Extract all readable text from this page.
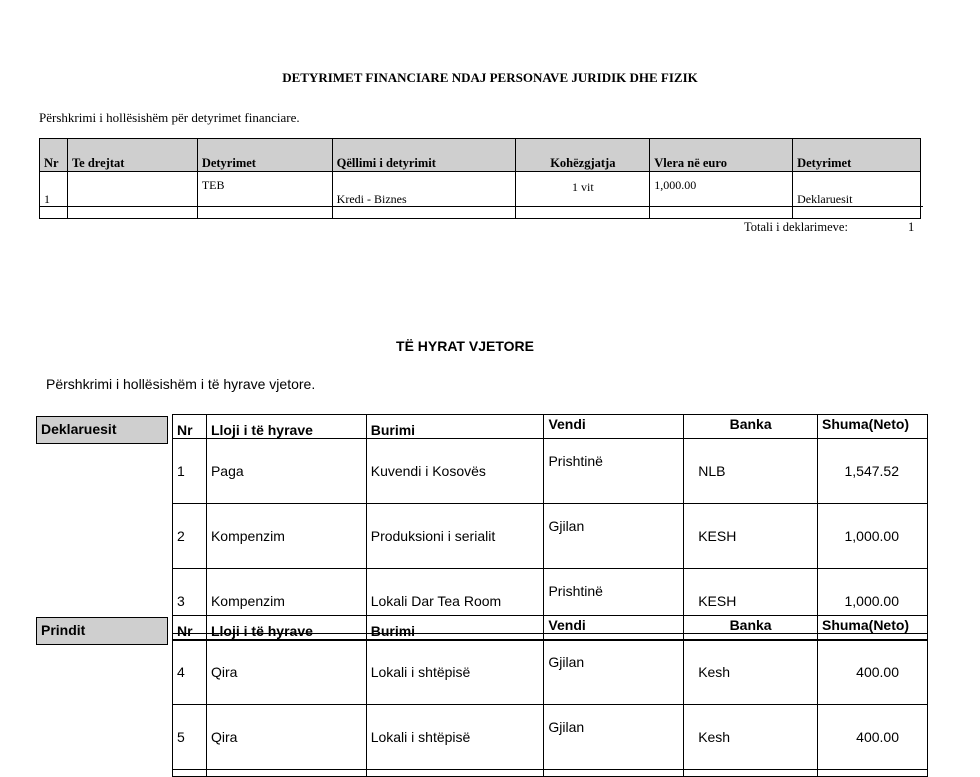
DETYRIMET FINANCIARE NDAJ PERSONAVE JURIDIK DHE FIZIK
Përshkrimi i hollësishëm për detyrimet financiare.
Nr	Te drejtat	Detyrimet	Qëllimi i detyrimit	Kohëzgjatja	Vlera në euro	Detyrimet
1		TEB	Kredi - Biznes	1 vit	1,000.00	Deklaruesit
Totali i deklarimeve:	1
TË HYRAT VJETORE
Përshkrimi i hollësishëm i të hyrave vjetore.
Deklaruesit	Nr	Lloji i të hyrave	Burimi	Vendi	Banka	Shuma(Neto)
1	Paga	Kuvendi i Kosovës	Prishtinë	NLB	1,547.52
2	Kompenzim	Produksioni i serialit	Gjilan	KESH	1,000.00
3	Kompenzim	Lokali Dar Tea Room	Prishtinë	KESH	1,000.00

Prindit	Nr	Lloji i të hyrave	Burimi	Vendi	Banka	Shuma(Neto)
4	Qira	Lokali i shtëpisë	Gjilan	Kesh	400.00
5	Qira	Lokali i shtëpisë	Gjilan	Kesh	400.00
